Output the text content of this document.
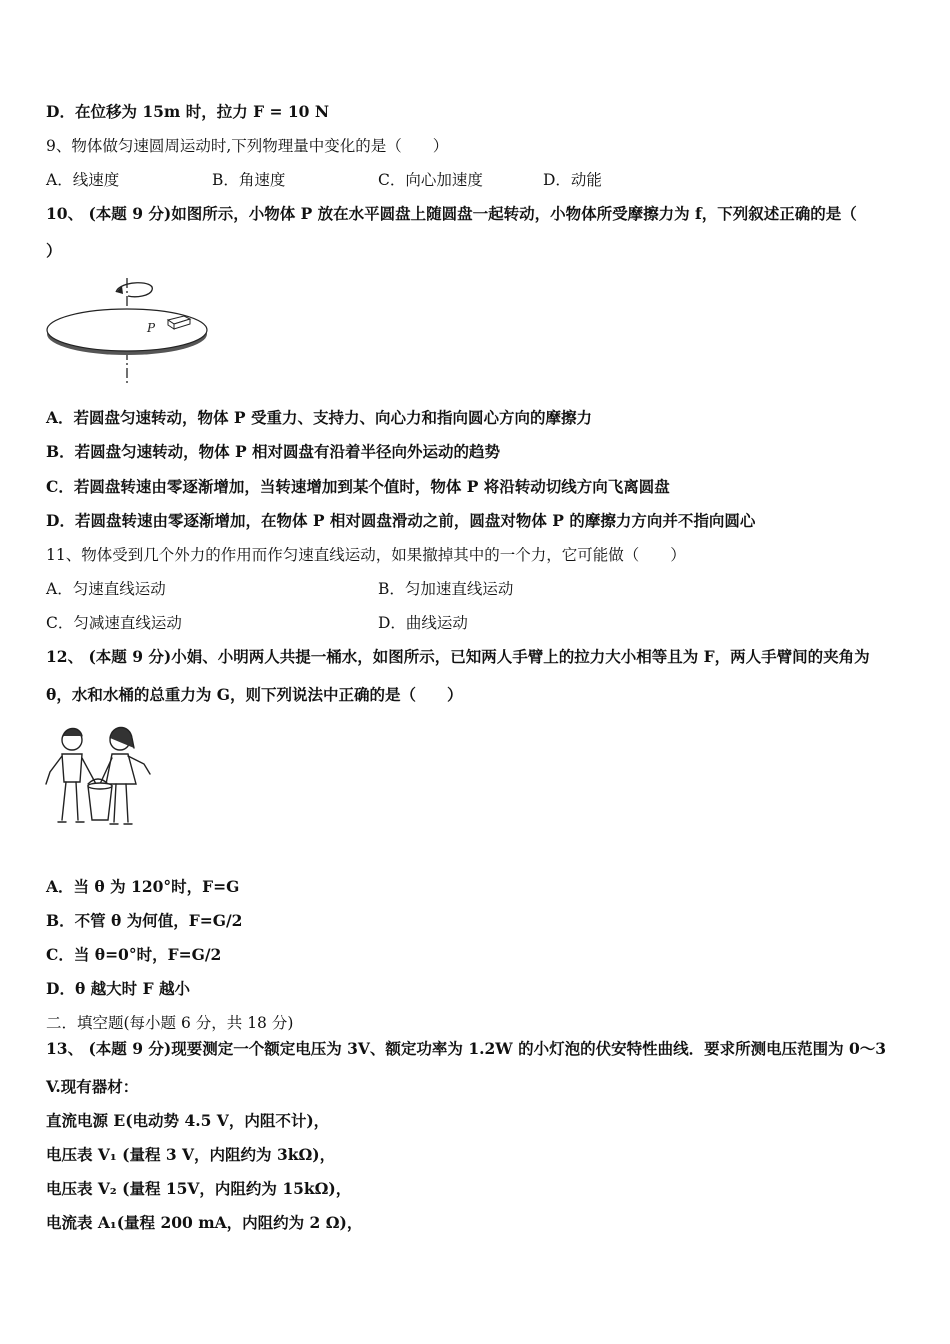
D．在位移为 15m 时，拉力 F = 10 N
9、物体做匀速圆周运动时,下列物理量中变化的是（　　）
A．线速度	B．角速度	C．向心加速度	D．动能
10、 (本题 9 分)如图所示，小物体 P 放在水平圆盘上随圆盘一起转动，小物体所受摩擦力为 f，下列叙述正确的是（
）
P
A．若圆盘匀速转动，物体 P 受重力、支持力、向心力和指向圆心方向的摩擦力
B．若圆盘匀速转动，物体 P 相对圆盘有沿着半径向外运动的趋势
C．若圆盘转速由零逐渐增加，当转速增加到某个值时，物体 P 将沿转动切线方向飞离圆盘
D．若圆盘转速由零逐渐增加，在物体 P 相对圆盘滑动之前，圆盘对物体 P 的摩擦力方向并不指向圆心
11、物体受到几个外力的作用而作匀速直线运动，如果撤掉其中的一个力，它可能做（　　）
A．匀速直线运动	B．匀加速直线运动
C．匀减速直线运动	D．曲线运动
12、 (本题 9 分)小娟、小明两人共提一桶水，如图所示，已知两人手臂上的拉力大小相等且为 F，两人手臂间的夹角为
θ，水和水桶的总重力为 G，则下列说法中正确的是（　　）
A．当 θ 为 120°时，F=G
B．不管 θ 为何值，F=G/2
C．当 θ=0°时，F=G/2
D．θ 越大时 F 越小
二．填空题(每小题 6 分，共 18 分)
13、 (本题 9 分)现要测定一个额定电压为 3V、额定功率为 1.2W 的小灯泡的伏安特性曲线．要求所测电压范围为 0～3
V.现有器材：
直流电源 E(电动势 4.5 V，内阻不计)，
电压表 V₁ (量程 3 V，内阻约为 3kΩ)，
电压表 V₂ (量程 15V，内阻约为 15kΩ)，
电流表 A₁(量程 200 mA，内阻约为 2 Ω)，
